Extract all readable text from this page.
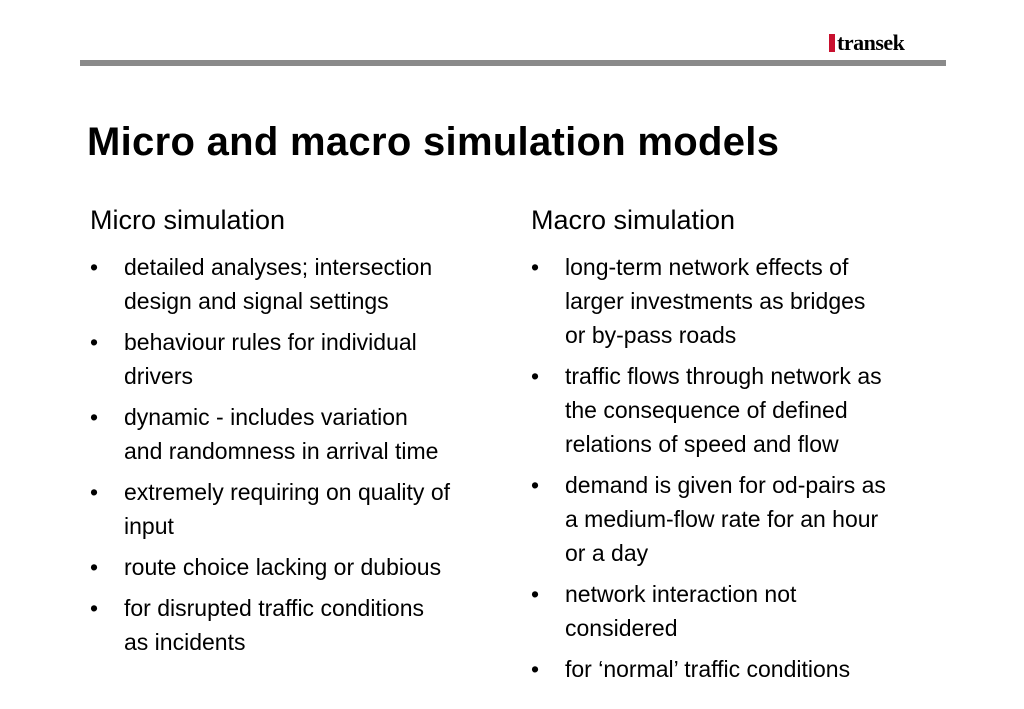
transek
Micro and macro simulation models
Micro simulation
• detailed analyses; intersection
design and signal settings
• behaviour rules for individual
drivers
• dynamic - includes variation
and randomness in arrival time
• extremely requiring on quality of
input
• route choice lacking or dubious
• for disrupted traffic conditions
as incidents
Macro simulation
• long-term network effects of
larger investments as bridges
or by-pass roads
• traffic flows through network as
the consequence of defined
relations of speed and flow
• demand is given for od-pairs as
a medium-flow rate for an hour
or a day
• network interaction not
considered
• for ‘normal’ traffic conditions
